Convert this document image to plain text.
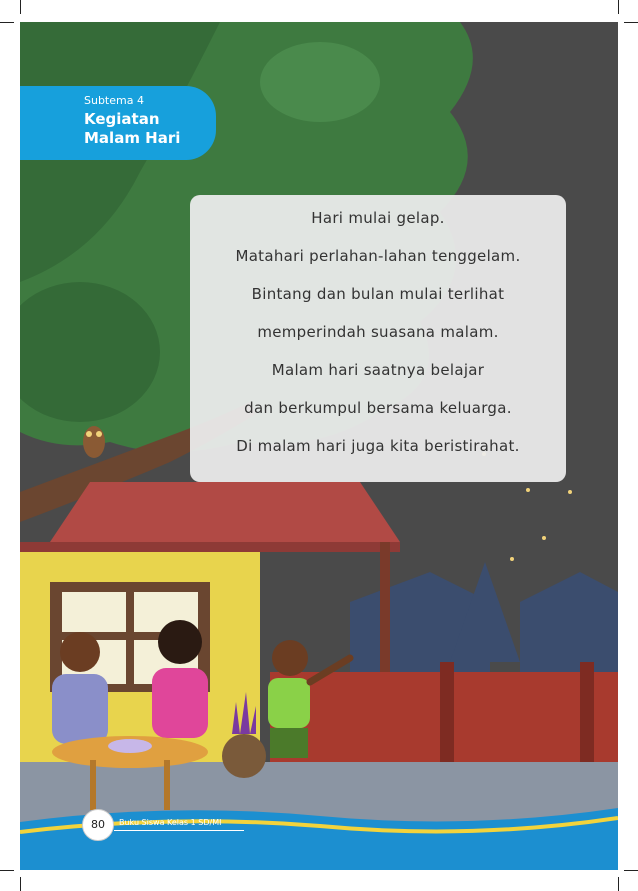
Subtema 4
Kegiatan
Malam Hari
Hari mulai gelap.
Matahari perlahan-lahan tenggelam.
Bintang dan bulan mulai terlihat
memperindah suasana malam.
Malam hari saatnya belajar
dan berkumpul bersama keluarga.
Di malam hari juga kita beristirahat.
80	Buku Siswa Kelas 1 SD/MI
